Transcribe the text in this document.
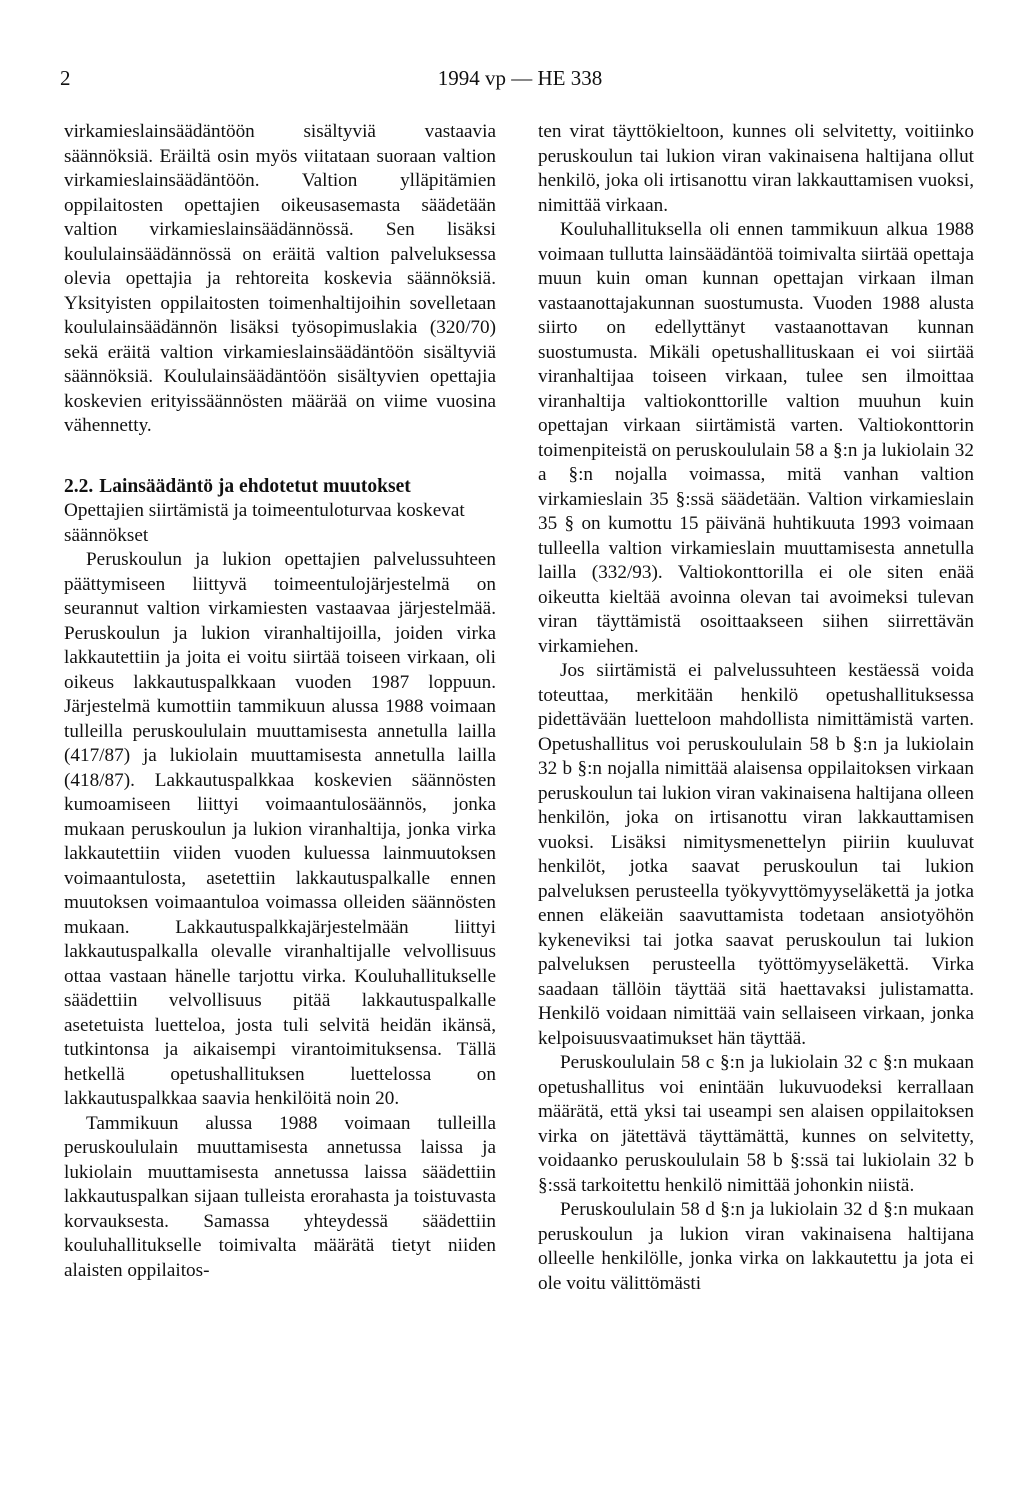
2	1994 vp — HE 338

virkamieslainsäädäntöön sisältyviä vastaavia säännöksiä. Eräiltä osin myös viitataan suoraan valtion virkamieslainsäädäntöön. Valtion ylläpitämien oppilaitosten opettajien oikeusasemasta säädetään valtion virkamieslainsäädännössä. Sen lisäksi koululainsäädännössä on eräitä valtion palveluksessa olevia opettajia ja rehtoreita koskevia säännöksiä. Yksityisten oppilaitosten toimenhaltijoihin sovelletaan koululainsäädännön lisäksi työsopimuslakia (320/70) sekä eräitä valtion virkamieslainsäädäntöön sisältyviä säännöksiä. Koululainsäädäntöön sisältyvien opettajia koskevien erityissäännösten määrää on viime vuosina vähennetty.

2.2. Lainsäädäntö ja ehdotetut muutokset

Opettajien siirtämistä ja toimeentuloturvaa koskevat säännökset

Peruskoulun ja lukion opettajien palvelussuhteen päättymiseen liittyvä toimeentulojärjestelmä on seurannut valtion virkamiesten vastaavaa järjestelmää. Peruskoulun ja lukion viranhaltijoilla, joiden virka lakkautettiin ja joita ei voitu siirtää toiseen virkaan, oli oikeus lakkautuspalkkaan vuoden 1987 loppuun. Järjestelmä kumottiin tammikuun alussa 1988 voimaan tulleilla peruskoululain muuttamisesta annetulla lailla (417/87) ja lukiolain muuttamisesta annetulla lailla (418/87). Lakkautuspalkkaa koskevien säännösten kumoamiseen liittyi voimaantulosäännös, jonka mukaan peruskoulun ja lukion viranhaltija, jonka virka lakkautettiin viiden vuoden kuluessa lainmuutoksen voimaantulosta, asetettiin lakkautuspalkalle ennen muutoksen voimaantuloa voimassa olleiden säännösten mukaan. Lakkautuspalkkajärjestelmään liittyi lakkautuspalkalla olevalle viranhaltijalle velvollisuus ottaa vastaan hänelle tarjottu virka. Kouluhallitukselle säädettiin velvollisuus pitää lakkautuspalkalle asetetuista luetteloa, josta tuli selvitä heidän ikänsä, tutkintonsa ja aikaisempi virantoimituksensa. Tällä hetkellä opetushallituksen luettelossa on lakkautuspalkkaa saavia henkilöitä noin 20.

Tammikuun alussa 1988 voimaan tulleilla peruskoululain muuttamisesta annetussa laissa ja lukiolain muuttamisesta annetussa laissa säädettiin lakkautuspalkan sijaan tulleista erorahasta ja toistuvasta korvauksesta. Samassa yhteydessä säädettiin kouluhallitukselle toimivalta määrätä tietyt niiden alaisten oppilaitos-

ten virat täyttökieltoon, kunnes oli selvitetty, voitiinko peruskoulun tai lukion viran vakinaisena haltijana ollut henkilö, joka oli irtisanottu viran lakkauttamisen vuoksi, nimittää virkaan.

Kouluhallituksella oli ennen tammikuun alkua 1988 voimaan tullutta lainsäädäntöä toimivalta siirtää opettaja muun kuin oman kunnan opettajan virkaan ilman vastaanottajakunnan suostumusta. Vuoden 1988 alusta siirto on edellyttänyt vastaanottavan kunnan suostumusta. Mikäli opetushallituskaan ei voi siirtää viranhaltijaa toiseen virkaan, tulee sen ilmoittaa viranhaltija valtiokonttorille valtion muuhun kuin opettajan virkaan siirtämistä varten. Valtiokonttorin toimenpiteistä on peruskoululain 58 a §:n ja lukiolain 32 a §:n nojalla voimassa, mitä vanhan valtion virkamieslain 35 §:ssä säädetään. Valtion virkamieslain 35 § on kumottu 15 päivänä huhtikuuta 1993 voimaan tulleella valtion virkamieslain muuttamisesta annetulla lailla (332/93). Valtiokonttorilla ei ole siten enää oikeutta kieltää avoinna olevan tai avoimeksi tulevan viran täyttämistä osoittaakseen siihen siirrettävän virkamiehen.

Jos siirtämistä ei palvelussuhteen kestäessä voida toteuttaa, merkitään henkilö opetushallituksessa pidettävään luetteloon mahdollista nimittämistä varten. Opetushallitus voi peruskoululain 58 b §:n ja lukiolain 32 b §:n nojalla nimittää alaisensa oppilaitoksen virkaan peruskoulun tai lukion viran vakinaisena haltijana olleen henkilön, joka on irtisanottu viran lakkauttamisen vuoksi. Lisäksi nimitysmenettelyn piiriin kuuluvat henkilöt, jotka saavat peruskoulun tai lukion palveluksen perusteella työkyvyttömyyseläkettä ja jotka ennen eläkeiän saavuttamista todetaan ansiotyöhön kykeneviksi tai jotka saavat peruskoulun tai lukion palveluksen perusteella työttömyyseläkettä. Virka saadaan tällöin täyttää sitä haettavaksi julistamatta. Henkilö voidaan nimittää vain sellaiseen virkaan, jonka kelpoisuusvaatimukset hän täyttää.

Peruskoululain 58 c §:n ja lukiolain 32 c §:n mukaan opetushallitus voi enintään lukuvuodeksi kerrallaan määrätä, että yksi tai useampi sen alaisen oppilaitoksen virka on jätettävä täyttämättä, kunnes on selvitetty, voidaanko peruskoululain 58 b §:ssä tai lukiolain 32 b §:ssä tarkoitettu henkilö nimittää johonkin niistä.

Peruskoululain 58 d §:n ja lukiolain 32 d §:n mukaan peruskoulun ja lukion viran vakinaisena haltijana olleelle henkilölle, jonka virka on lakkautettu ja jota ei ole voitu välittömästi
